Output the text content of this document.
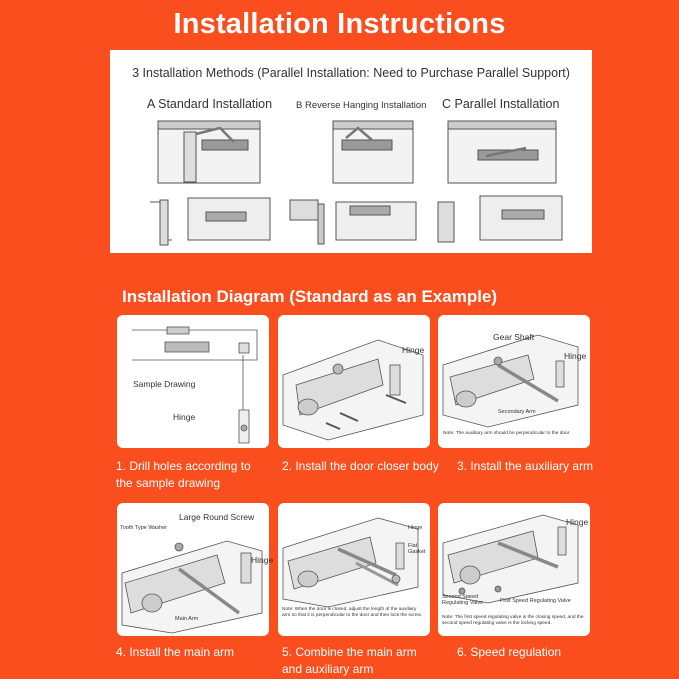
Installation Instructions
3 Installation Methods (Parallel Installation: Need to Purchase Parallel Support)
A Standard Installation	B Reverse Hanging Installation C Parallel Installation
Installation Diagram (Standard as an Example)
Sample Drawing
Hinge
Hinge
Gear Shaft
Hinge
Secondary Arm
Note: The auxiliary arm should be perpendicular to the door
1. Drill holes according to the sample drawing
2. Install the door closer body 3. Install the auxiliary arm
Large Round Screw
Tooth Type Washer
Hinge
Main Arm
Hinge
Flat Gasket
Note: When the door is closed, adjust the length of the auxiliary arm so that it is perpendicular to the door and then lock the screw.
Hinge
Second Speed Regulating Valve	First Speed Regulating Valve
Note: The first speed regulating valve is the closing speed, and the second speed regulating valve is the locking speed.
4. Install the main arm	5. Combine the main arm and auxiliary arm
6. Speed regulation
